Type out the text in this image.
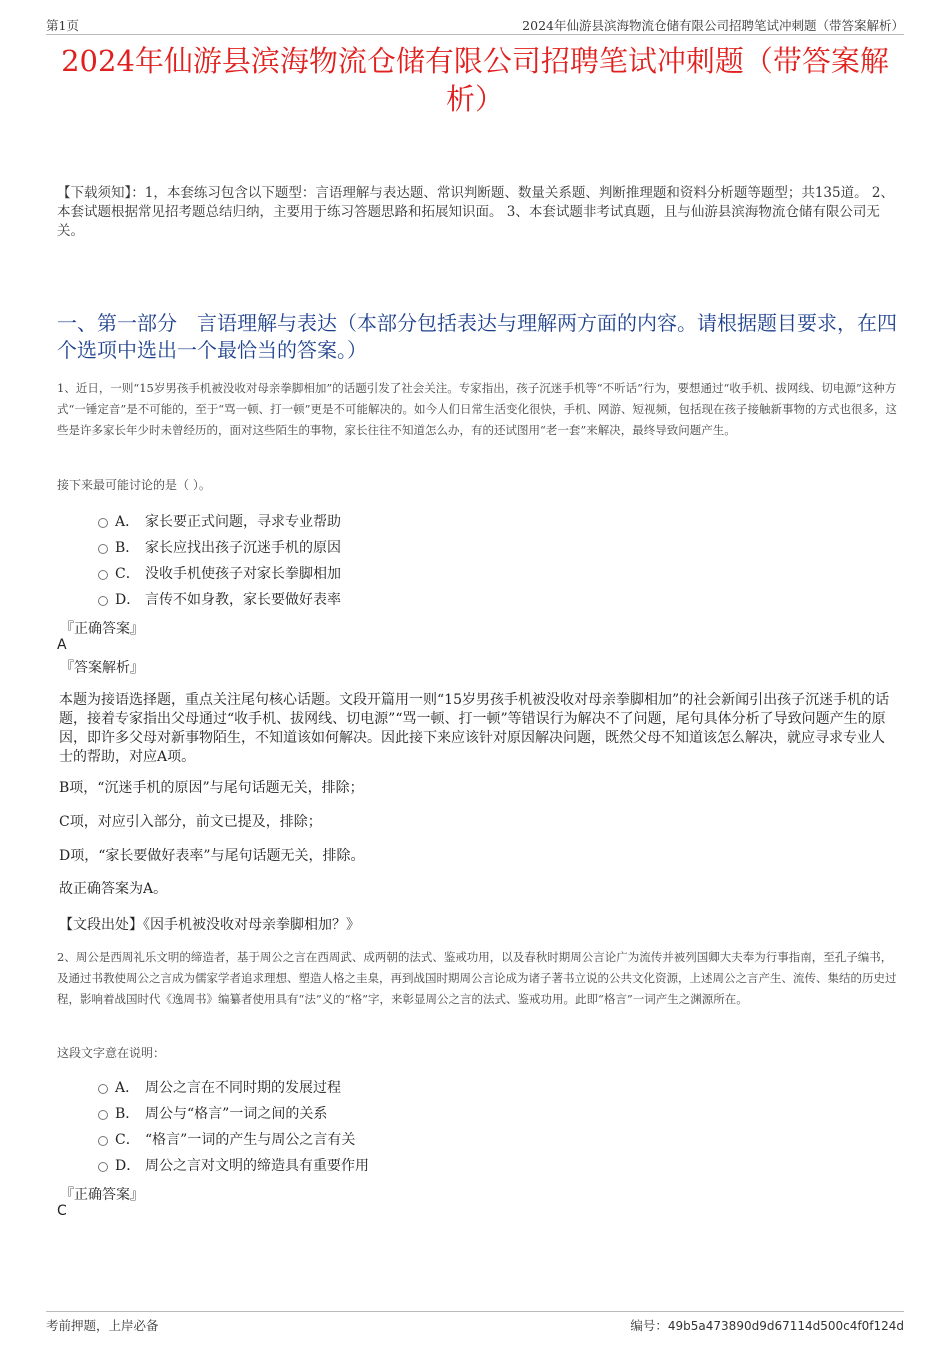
第1页	2024年仙游县滨海物流仓储有限公司招聘笔试冲刺题（带答案解析）
2024年仙游县滨海物流仓储有限公司招聘笔试冲刺题（带答案解析）
【下载须知】：1，本套练习包含以下题型：言语理解与表达题、常识判断题、数量关系题、判断推理题和资料分析题等题型；共135道。 2、本套试题根据常见招考题总结归纳，主要用于练习答题思路和拓展知识面。 3、本套试题非考试真题，且与仙游县滨海物流仓储有限公司无关。
一、第一部分　言语理解与表达（本部分包括表达与理解两方面的内容。请根据题目要求，在四个选项中选出一个最恰当的答案。）
1、近日，一则“15岁男孩手机被没收对母亲拳脚相加”的话题引发了社会关注。专家指出，孩子沉迷手机等“不听话”行为，要想通过“收手机、拔网线、切电源”这种方式“一锤定音”是不可能的，至于“骂一顿、打一顿”更是不可能解决的。如今人们日常生活变化很快，手机、网游、短视频，包括现在孩子接触新事物的方式也很多，这些是许多家长年少时未曾经历的，面对这些陌生的事物，家长往往不知道怎么办，有的还试图用“老一套”来解决，最终导致问题产生。
接下来最可能讨论的是（ ）。
A． 家长要正式问题，寻求专业帮助
B． 家长应找出孩子沉迷手机的原因
C． 没收手机使孩子对家长拳脚相加
D． 言传不如身教，家长要做好表率
『正确答案』
A
『答案解析』
本题为接语选择题，重点关注尾句核心话题。文段开篇用一则“15岁男孩手机被没收对母亲拳脚相加”的社会新闻引出孩子沉迷手机的话题，接着专家指出父母通过“收手机、拔网线、切电源”“骂一顿、打一顿”等错误行为解决不了问题，尾句具体分析了导致问题产生的原因，即许多父母对新事物陌生，不知道该如何解决。因此接下来应该针对原因解决问题，既然父母不知道该怎么解决，就应寻求专业人士的帮助，对应A项。
B项，“沉迷手机的原因”与尾句话题无关，排除；
C项，对应引入部分，前文已提及，排除；
D项，“家长要做好表率”与尾句话题无关，排除。
故正确答案为A。
【文段出处】《因手机被没收对母亲拳脚相加？》
2、周公是西周礼乐文明的缔造者，基于周公之言在西周武、成两朝的法式、鉴戒功用，以及春秋时期周公言论广为流传并被列国卿大夫奉为行事指南，至孔子编书，及通过书教使周公之言成为儒家学者追求理想、塑造人格之圭臬，再到战国时期周公言论成为诸子著书立说的公共文化资源，上述周公之言产生、流传、集结的历史过程，影响着战国时代《逸周书》编纂者使用具有“法”义的“格”字，来彰显周公之言的法式、鉴戒功用。此即“格言”一词产生之渊源所在。
这段文字意在说明：
A． 周公之言在不同时期的发展过程
B． 周公与“格言”一词之间的关系
C． “格言”一词的产生与周公之言有关
D． 周公之言对文明的缔造具有重要作用
『正确答案』
C
考前押题，上岸必备	编号：49b5a473890d9d67114d500c4f0f124d
